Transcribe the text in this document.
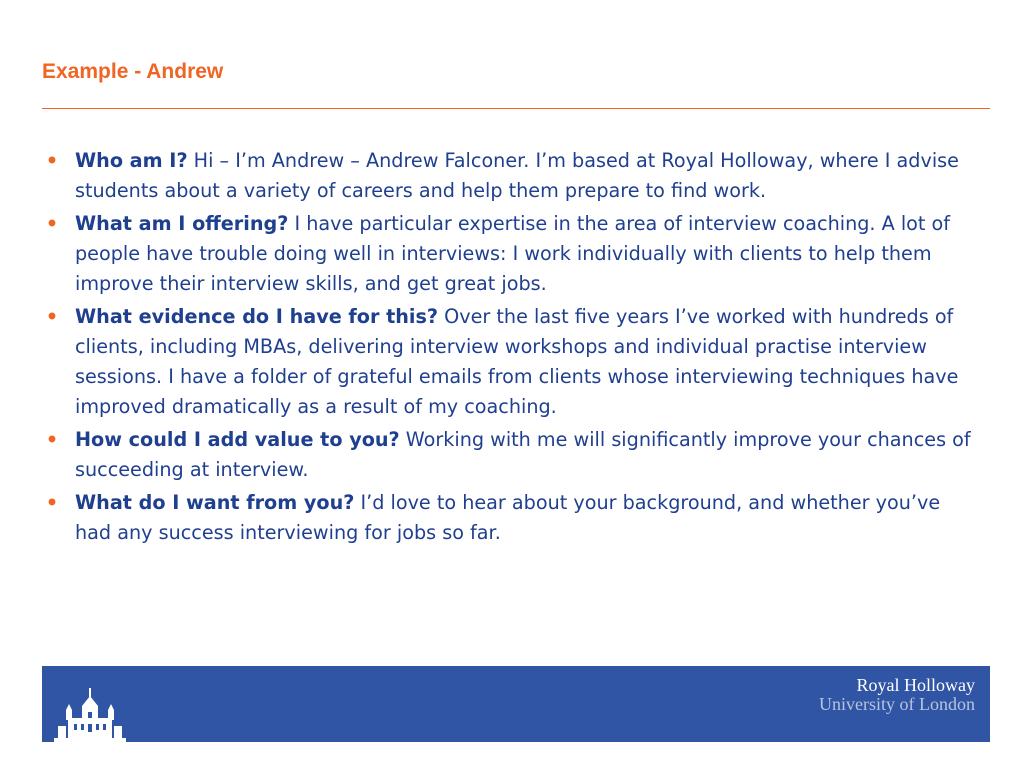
Example - Andrew
• Who am I? Hi – I’m Andrew – Andrew Falconer. I’m based at Royal Holloway, where I advise students about a variety of careers and help them prepare to find work.
• What am I offering? I have particular expertise in the area of interview coaching. A lot of people have trouble doing well in interviews: I work individually with clients to help them improve their interview skills, and get great jobs.
• What evidence do I have for this? Over the last five years I’ve worked with hundreds of clients, including MBAs, delivering interview workshops and individual practise interview sessions. I have a folder of grateful emails from clients whose interviewing techniques have improved dramatically as a result of my coaching.
• How could I add value to you? Working with me will significantly improve your chances of succeeding at interview.
• What do I want from you? I’d love to hear about your background, and whether you’ve had any success interviewing for jobs so far.
Royal Holloway
University of London
